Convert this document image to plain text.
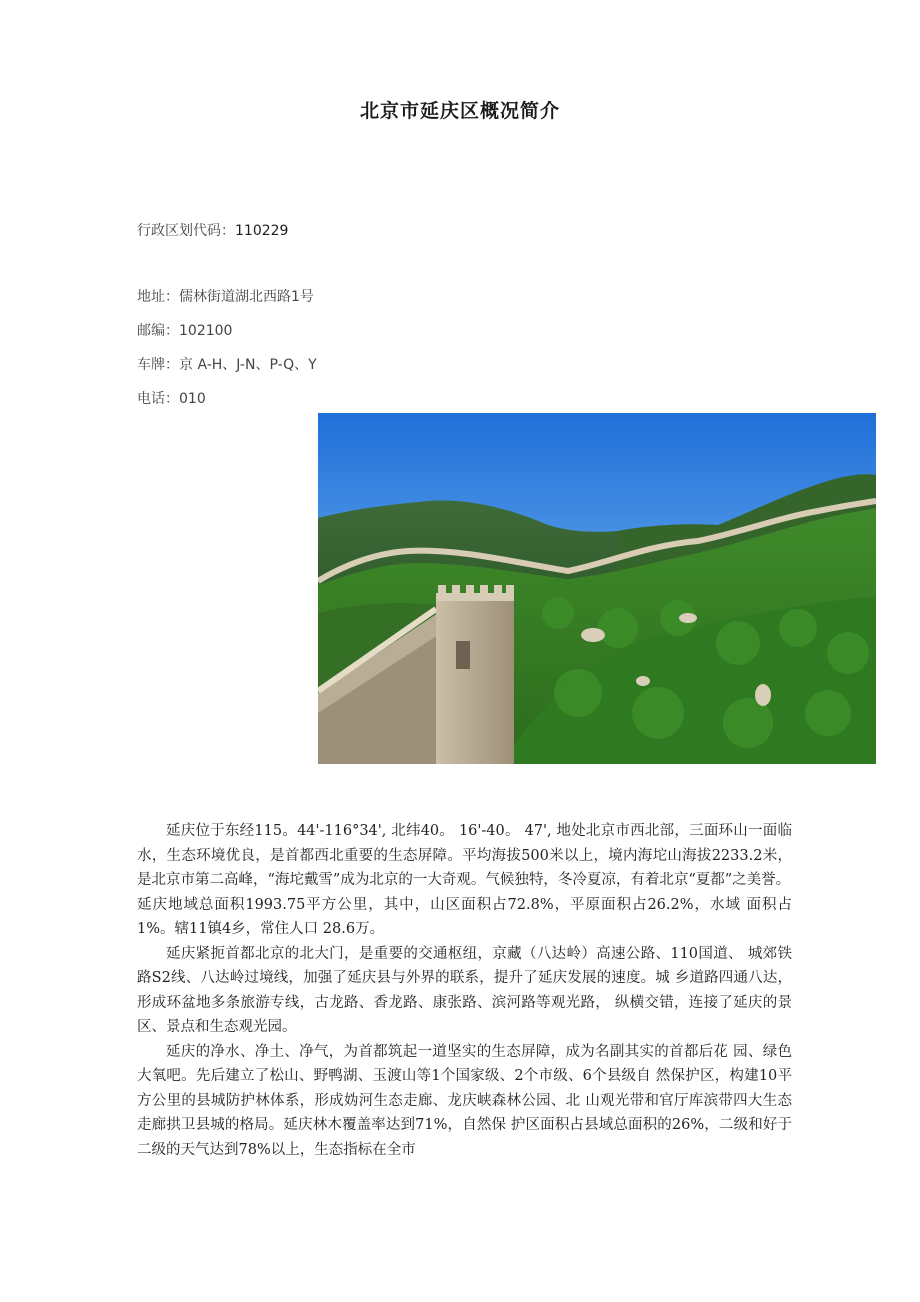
北京市延庆区概况简介
行政区划代码：110229
地址：儒林街道湖北西路1号
邮编：102100
车牌：京 A-H、J-N、P-Q、Y
电话：010

延庆位于东经115。44'-116°34', 北纬40。 16'-40。 47', 地处北京市西北部，三面环山一面临水，生态环境优良，是首都西北重要的生态屏障。平均海拔500米以上，境内海坨山海拔2233.2米，是北京市第二高峰，“海坨戴雪”成为北京的一大奇观。气候独特，冬冷夏凉，有着北京“夏都”之美誉。

延庆地域总面积1993.75平方公里，其中，山区面积占72.8%，平原面积占26.2%，水域 面积占1%。辖11镇4乡，常住人口 28.6万。

延庆紧扼首都北京的北大门，是重要的交通枢纽，京藏（八达岭）高速公路、110国道、 城郊铁路S2线、八达岭过境线，加强了延庆县与外界的联系，提升了延庆发展的速度。城 乡道路四通八达，形成环盆地多条旅游专线，古龙路、香龙路、康张路、滨河路等观光路， 纵横交错，连接了延庆的景区、景点和生态观光园。

延庆的净水、净土、净气，为首都筑起一道坚实的生态屏障，成为名副其实的首都后花 园、绿色大氧吧。先后建立了松山、野鸭湖、玉渡山等1个国家级、2个市级、6个县级自 然保护区，构建10平方公里的县城防护林体系，形成妫河生态走廊、龙庆峡森林公园、北 山观光带和官厅库滨带四大生态走廊拱卫县城的格局。延庆林木覆盖率达到71%，自然保 护区面积占县域总面积的26%，二级和好于二级的天气达到78%以上，生态指标在全市
